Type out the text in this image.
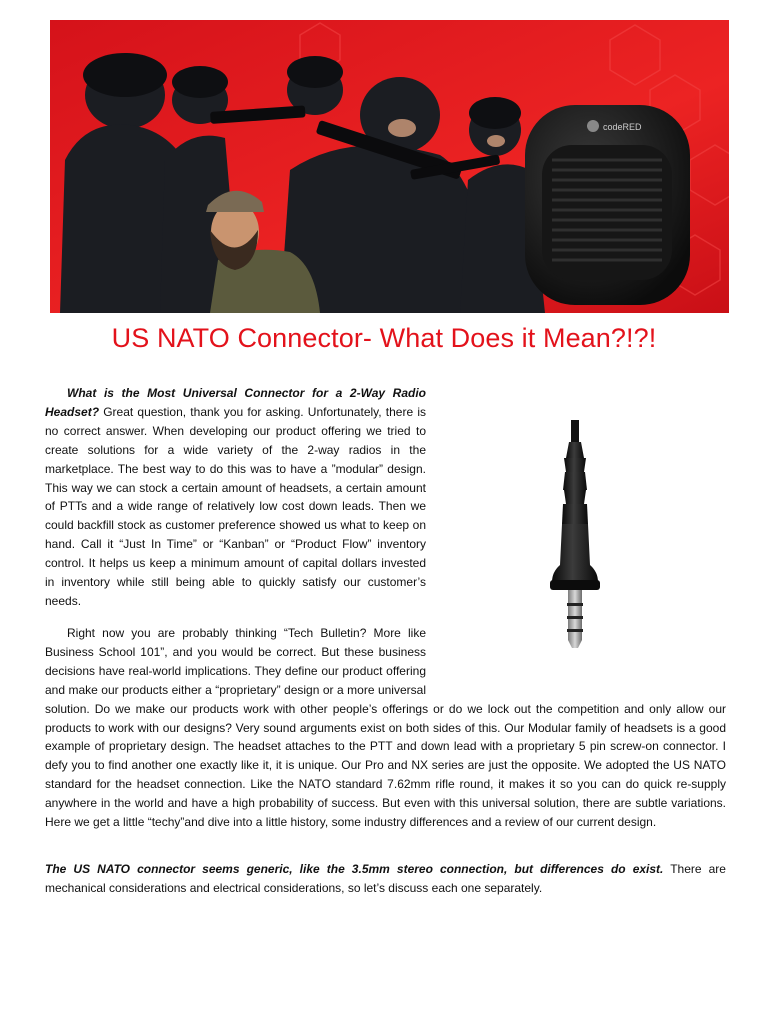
codeRED
US NATO Connector- What Does it Mean?!?!

What is the Most Universal Connector for a 2-Way Radio Headset? Great question, thank you for asking. Unfortunately, there is no correct answer. When developing our product offering we tried to create solutions for a wide variety of the 2-way radios in the marketplace. The best way to do this was to have a ”modular” design. This way we can stock a certain amount of headsets, a certain amount of PTTs and a wide range of relatively low cost down leads. Then we could backfill stock as customer preference showed us what to keep on hand. Call it “Just In Time” or “Kanban” or “Product Flow” inventory control. It helps us keep a minimum amount of capital dollars invested in inventory while still being able to quickly satisfy our customer’s needs.

Right now you are probably thinking “Tech Bulletin? More like Business School 101”, and you would be correct. But these business decisions have real-world implications. They define our product offering and make our products either a “proprietary” design or a more universal solution. Do we make our products work with other people’s offerings or do we lock out the competition and only allow our products to work with our designs? Very sound arguments exist on both sides of this. Our Modular family of headsets is a good example of proprietary design. The headset attaches to the PTT and down lead with a proprietary 5 pin screw-on connector. I defy you to find another one exactly like it, it is unique. Our Pro and NX series are just the opposite. We adopted the US NATO standard for the headset connection. Like the NATO standard 7.62mm rifle round, it makes it so you can do quick re-supply anywhere in the world and have a high probability of success. But even with this universal solution, there are subtle variations. Here we get a little “techy”and dive into a little history, some industry differences and a review of our current design.

The US NATO connector seems generic, like the 3.5mm stereo connection, but differences do exist. There are mechanical considerations and electrical considerations, so let’s discuss each one separately.
